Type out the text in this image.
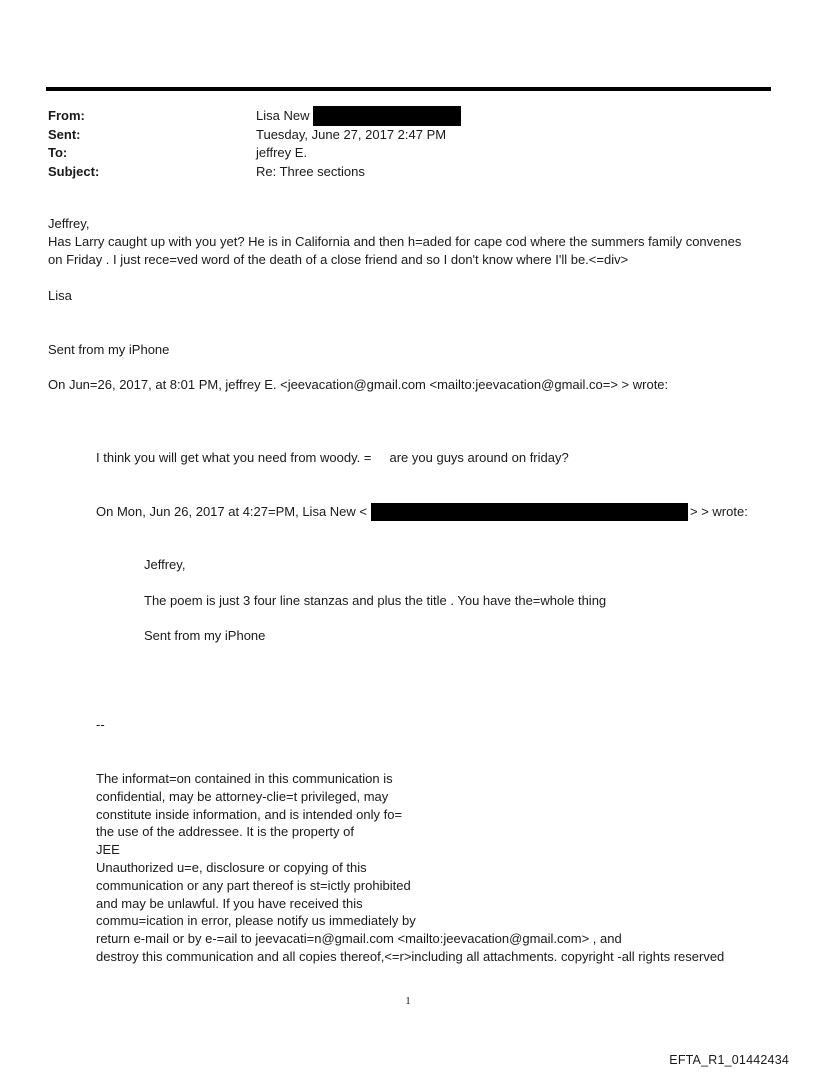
From:	Lisa New
Sent:	Tuesday, June 27, 2017 2:47 PM
To:	jeffrey E.
Subject:	Re: Three sections
Jeffrey,
Has Larry caught up with you yet? He is in California and then h=aded for cape cod where the summers family convenes
on Friday . I just rece=ved word of the death of a close friend and so I don't know where I'll be.<=div>
Lisa
Sent from my iPhone
On Jun=26, 2017, at 8:01 PM, jeffrey E. <jeevacation@gmail.com <mailto:jeevacation@gmail.co=> > wrote:
I think you will get what you need from woody. =     are you guys around on friday?
On Mon, Jun 26, 2017 at 4:27=PM, Lisa New <	> > wrote:
Jeffrey,
The poem is just 3 four line stanzas and plus the title . You have the=whole thing
Sent from my iPhone
--
The informat=on contained in this communication is
confidential, may be attorney-clie=t privileged, may
constitute inside information, and is intended only fo=
the use of the addressee. It is the property of
JEE
Unauthorized u=e, disclosure or copying of this
communication or any part thereof is st=ictly prohibited
and may be unlawful. If you have received this
commu=ication in error, please notify us immediately by
return e-mail or by e-=ail to jeevacati=n@gmail.com <mailto:jeevacation@gmail.com> , and
destroy this communication and all copies thereof,<=r>including all attachments. copyright -all rights reserved
1
EFTA_R1_01442434
